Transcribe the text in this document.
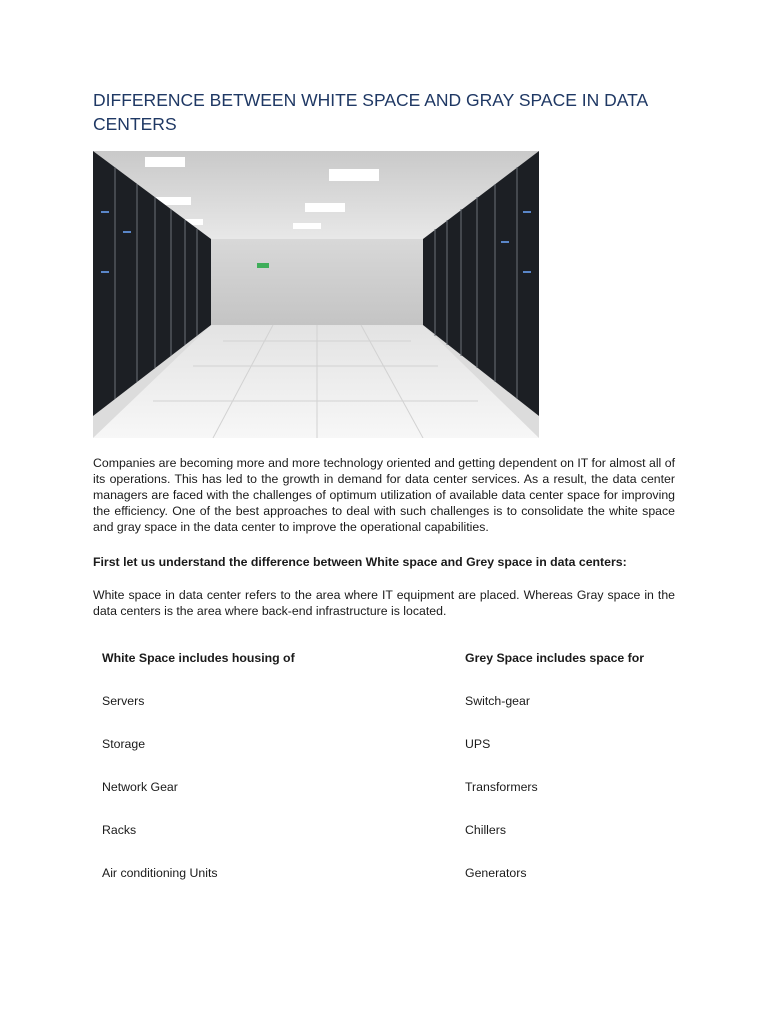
DIFFERENCE BETWEEN WHITE SPACE AND GRAY SPACE IN DATA CENTERS

Companies are becoming more and more technology oriented and getting dependent on IT for almost all of its operations. This has led to the growth in demand for data center services. As a result, the data center managers are faced with the challenges of optimum utilization of available data center space for improving the efficiency. One of the best approaches to deal with such challenges is to consolidate the white space and gray space in the data center to improve the operational capabilities.

First let us understand the difference between White space and Grey space in data centers:

White space in data center refers to the area where IT equipment are placed. Whereas Gray space in the data centers is the area where back-end infrastructure is located.

White Space includes housing of	Grey Space includes space for
Servers	Switch-gear
Storage	UPS
Network Gear	Transformers
Racks	Chillers
Air conditioning Units	Generators
